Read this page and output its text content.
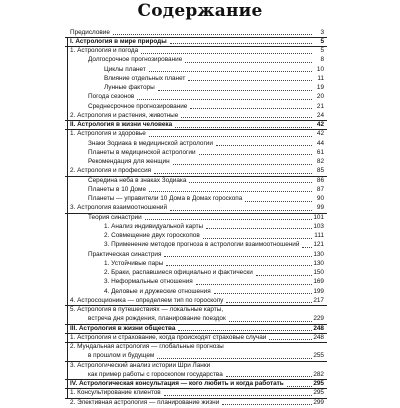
Содержание
Предисловие	3
I. Астрология в мире природы	5
1. Астрология и погода	5
Долгосрочное прогнозирование	8
Циклы планет	10
Влияние отдельных планет	11
Лунные факторы	19
Погода сезонов	20
Среднесрочное прогнозирование	21
2. Астрология и растения, животные	24
II. Астрология в жизни человека	42
1. Астрология и здоровье	42
Знаки Зодиака в медицинской астрологии	44
Планеты в медицинской астрологии	61
Рекомендация для женщин	82
2. Астрология и профессия	85
Середина неба в знаках Зодиака	86
Планеты в 10 Доме	87
Планеты — управители 10 Дома в Домах гороскопа	90
3. Астрология взаимоотношений	99
Теория синастрии	101
1. Анализ индивидуальной карты	103
2. Совмещение двух гороскопов	111
3. Применение методов прогноза в астрологии взаимоотношений 121
Практическая синастрия	130
1. Устойчивые пары	130
2. Браки, распавшиеся официально и фактически	150
3. Неформальные отношения	169
4. Деловые и дружеские отношения	199
4. Астросоционика — определяем тип по гороскопу	217
5. Астрология в путешествиях — локальные карты,
встреча дня рождения, планирование поездок	229
III. Астрология в жизни общества	248
1. Астрология и страхование, когда происходят страховые случаи	248
2. Мундальная астрология — глобальные прогнозы
в прошлом и будущем	255
3. Астрологический анализ истории Шри Ланки
как пример работы с гороскопом государства	282
IV. Астрологическая консультация — кого любить и когда работать	295
1. Консультирование клиентов	295
2. Элективная астрология — планирование жизни	299
